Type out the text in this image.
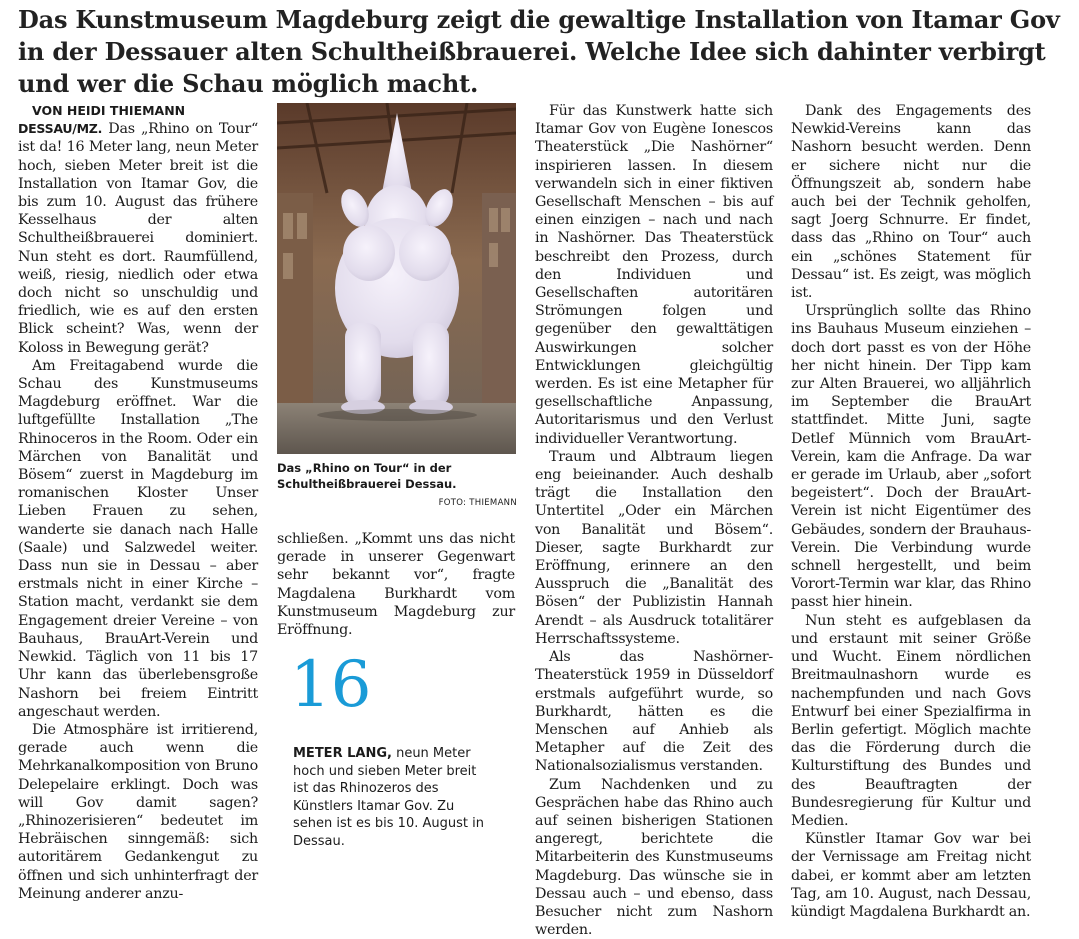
Das Kunstmuseum Magdeburg zeigt die gewaltige Installation von Itamar Gov in der Dessauer alten Schultheißbrauerei. Welche Idee sich dahinter verbirgt und wer die Schau möglich macht.

VON HEIDI THIEMANN

DESSAU/MZ. Das „Rhino on Tour“ ist da! 16 Meter lang, neun Meter hoch, sieben Meter breit ist die Installation von Itamar Gov, die bis zum 10. August das frühere Kesselhaus der alten Schultheißbrauerei dominiert. Nun steht es dort. Raumfüllend, weiß, riesig, niedlich oder etwa doch nicht so unschuldig und friedlich, wie es auf den ersten Blick scheint? Was, wenn der Koloss in Bewegung gerät?

Am Freitagabend wurde die Schau des Kunstmuseums Magdeburg eröffnet. War die luftgefüllte Installation „The Rhinoceros in the Room. Oder ein Märchen von Banalität und Bösem“ zuerst in Magdeburg im romanischen Kloster Unser Lieben Frauen zu sehen, wanderte sie danach nach Halle (Saale) und Salzwedel weiter. Dass nun sie in Dessau – aber erstmals nicht in einer Kirche – Station macht, verdankt sie dem Engagement dreier Vereine – von Bauhaus, BrauArt-Verein und Newkid. Täglich von 11 bis 17 Uhr kann das überlebensgroße Nashorn bei freiem Eintritt angeschaut werden.

Die Atmosphäre ist irritierend, gerade auch wenn die Mehrkanalkomposition von Bruno Delepelaire erklingt. Doch was will Gov damit sagen? „Rhinozerisieren“ bedeutet im Hebräischen sinngemäß: sich autoritärem Gedankengut zu öffnen und sich unhinterfragt der Meinung anderer anzu-

Das „Rhino on Tour“ in der Schultheißbrauerei Dessau.
FOTO: THIEMANN

schließen. „Kommt uns das nicht gerade in unserer Gegenwart sehr bekannt vor“, fragte Magdalena Burkhardt vom Kunstmuseum Magdeburg zur Eröffnung.

16
METER LANG, neun Meter hoch und sieben Meter breit ist das Rhinozeros des Künstlers Itamar Gov. Zu sehen ist es bis 10. August in Dessau.

Für das Kunstwerk hatte sich Itamar Gov von Eugène Ionescos Theaterstück „Die Nashörner“ inspirieren lassen. In diesem verwandeln sich in einer fiktiven Gesellschaft Menschen – bis auf einen einzigen – nach und nach in Nashörner. Das Theaterstück beschreibt den Prozess, durch den Individuen und Gesellschaften autoritären Strömungen folgen und gegenüber den gewalttätigen Auswirkungen solcher Entwicklungen gleichgültig werden. Es ist eine Metapher für gesellschaftliche Anpassung, Autoritarismus und den Verlust individueller Verantwortung.

Traum und Albtraum liegen eng beieinander. Auch deshalb trägt die Installation den Untertitel „Oder ein Märchen von Banalität und Bösem“. Dieser, sagte Burkhardt zur Eröffnung, erinnere an den Ausspruch die „Banalität des Bösen“ der Publizistin Hannah Arendt – als Ausdruck totalitärer Herrschaftssysteme.

Als das Nashörner-Theaterstück 1959 in Düsseldorf erstmals aufgeführt wurde, so Burkhardt, hätten es die Menschen auf Anhieb als Metapher auf die Zeit des Nationalsozialismus verstanden.

Zum Nachdenken und zu Gesprächen habe das Rhino auch auf seinen bisherigen Stationen angeregt, berichtete die Mitarbeiterin des Kunstmuseums Magdeburg. Das wünsche sie in Dessau auch – und ebenso, dass Besucher nicht zum Nashorn werden.

Dank des Engagements des Newkid-Vereins kann das Nashorn besucht werden. Denn er sichere nicht nur die Öffnungszeit ab, sondern habe auch bei der Technik geholfen, sagt Joerg Schnurre. Er findet, dass das „Rhino on Tour“ auch ein „schönes Statement für Dessau“ ist. Es zeigt, was möglich ist.

Ursprünglich sollte das Rhino ins Bauhaus Museum einziehen – doch dort passt es von der Höhe her nicht hinein. Der Tipp kam zur Alten Brauerei, wo alljährlich im September die BrauArt stattfindet. Mitte Juni, sagte Detlef Münnich vom BrauArt-Verein, kam die Anfrage. Da war er gerade im Urlaub, aber „sofort begeistert“. Doch der BrauArt-Verein ist nicht Eigentümer des Gebäudes, sondern der Brauhaus-Verein. Die Verbindung wurde schnell hergestellt, und beim Vorort-Termin war klar, das Rhino passt hier hinein.

Nun steht es aufgeblasen da und erstaunt mit seiner Größe und Wucht. Einem nördlichen Breitmaulnashorn wurde es nachempfunden und nach Govs Entwurf bei einer Spezialfirma in Berlin gefertigt. Möglich machte das die Förderung durch die Kulturstiftung des Bundes und des Beauftragten der Bundesregierung für Kultur und Medien.

Künstler Itamar Gov war bei der Vernissage am Freitag nicht dabei, er kommt aber am letzten Tag, am 10. August, nach Dessau, kündigt Magdalena Burkhardt an.
